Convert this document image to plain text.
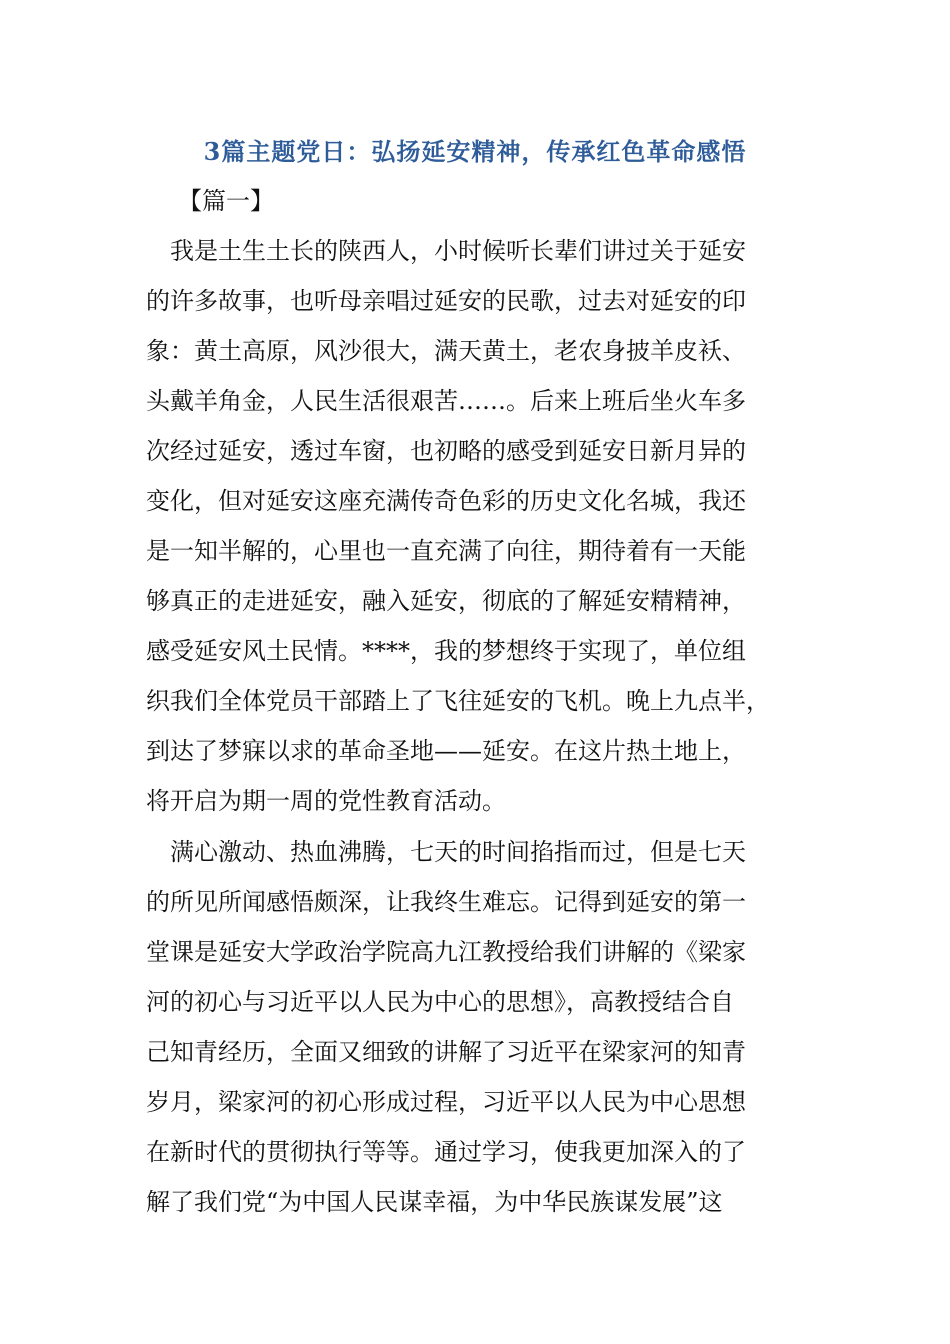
3篇主题党日：弘扬延安精神，传承红色革命感悟
【篇一】
　我是土生土长的陕西人，小时候听长辈们讲过关于延安
的许多故事，也听母亲唱过延安的民歌，过去对延安的印
象：黄土高原，风沙很大，满天黄土，老农身披羊皮袄、
头戴羊角金，人民生活很艰苦……。后来上班后坐火车多
次经过延安，透过车窗，也初略的感受到延安日新月异的
变化，但对延安这座充满传奇色彩的历史文化名城，我还
是一知半解的，心里也一直充满了向往，期待着有一天能
够真正的走进延安，融入延安，彻底的了解延安精精神，
感受延安风土民情。****，我的梦想终于实现了，单位组
织我们全体党员干部踏上了飞往延安的飞机。晚上九点半，
到达了梦寐以求的革命圣地——延安。在这片热土地上，
将开启为期一周的党性教育活动。
　满心激动、热血沸腾，七天的时间掐指而过，但是七天
的所见所闻感悟颇深，让我终生难忘。记得到延安的第一
堂课是延安大学政治学院高九江教授给我们讲解的《梁家
河的初心与习近平以人民为中心的思想》，高教授结合自
己知青经历，全面又细致的讲解了习近平在梁家河的知青
岁月，梁家河的初心形成过程，习近平以人民为中心思想
在新时代的贯彻执行等等。通过学习，使我更加深入的了
解了我们党“为中国人民谋幸福，为中华民族谋发展”这
